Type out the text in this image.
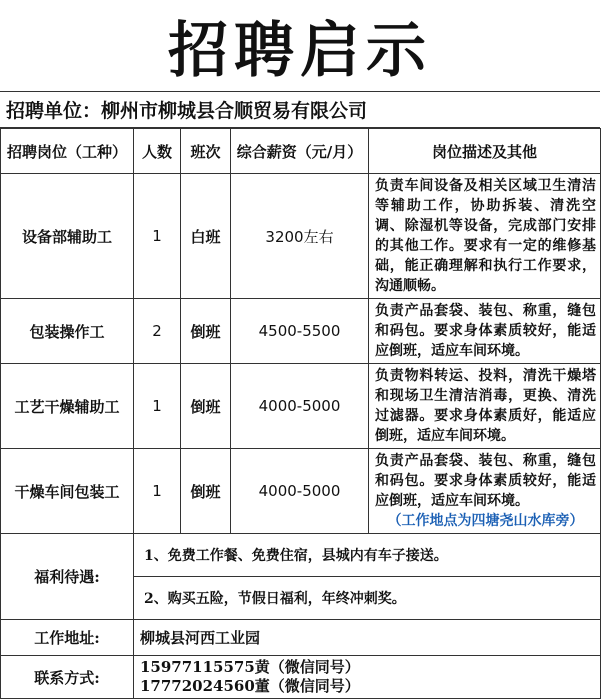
招聘启示
招聘单位：柳州市柳城县合顺贸易有限公司
招聘岗位（工种）	人数	班次	综合薪资（元/月）	岗位描述及其他
设备部辅助工	1	白班	3200左右	负责车间设备及相关区域卫生清洁等辅助工作，协助拆装、清洗空调、除湿机等设备，完成部门安排的其他工作。要求有一定的维修基础，能正确理解和执行工作要求，沟通顺畅。
包装操作工	2	倒班	4500-5500	负责产品套袋、装包、称重，缝包和码包。要求身体素质较好，能适应倒班，适应车间环境。
工艺干燥辅助工	1	倒班	4000-5000	负责物料转运、投料，清洗干燥塔和现场卫生清洁消毒，更换、清洗过滤器。要求身体素质好，能适应倒班，适应车间环境。
干燥车间包装工	1	倒班	4000-5000	负责产品套袋、装包、称重，缝包和码包。要求身体素质较好，能适应倒班，适应车间环境。
（工作地点为四塘尧山水库旁）

福利待遇:	1、免费工作餐、免费住宿，县城内有车子接送。
2、购买五险，节假日福利，年终冲刺奖。			

工作地址:	柳城县河西工业园			
联系方式:	15977115575黄（微信同号）
17772024560董（微信同号）			
